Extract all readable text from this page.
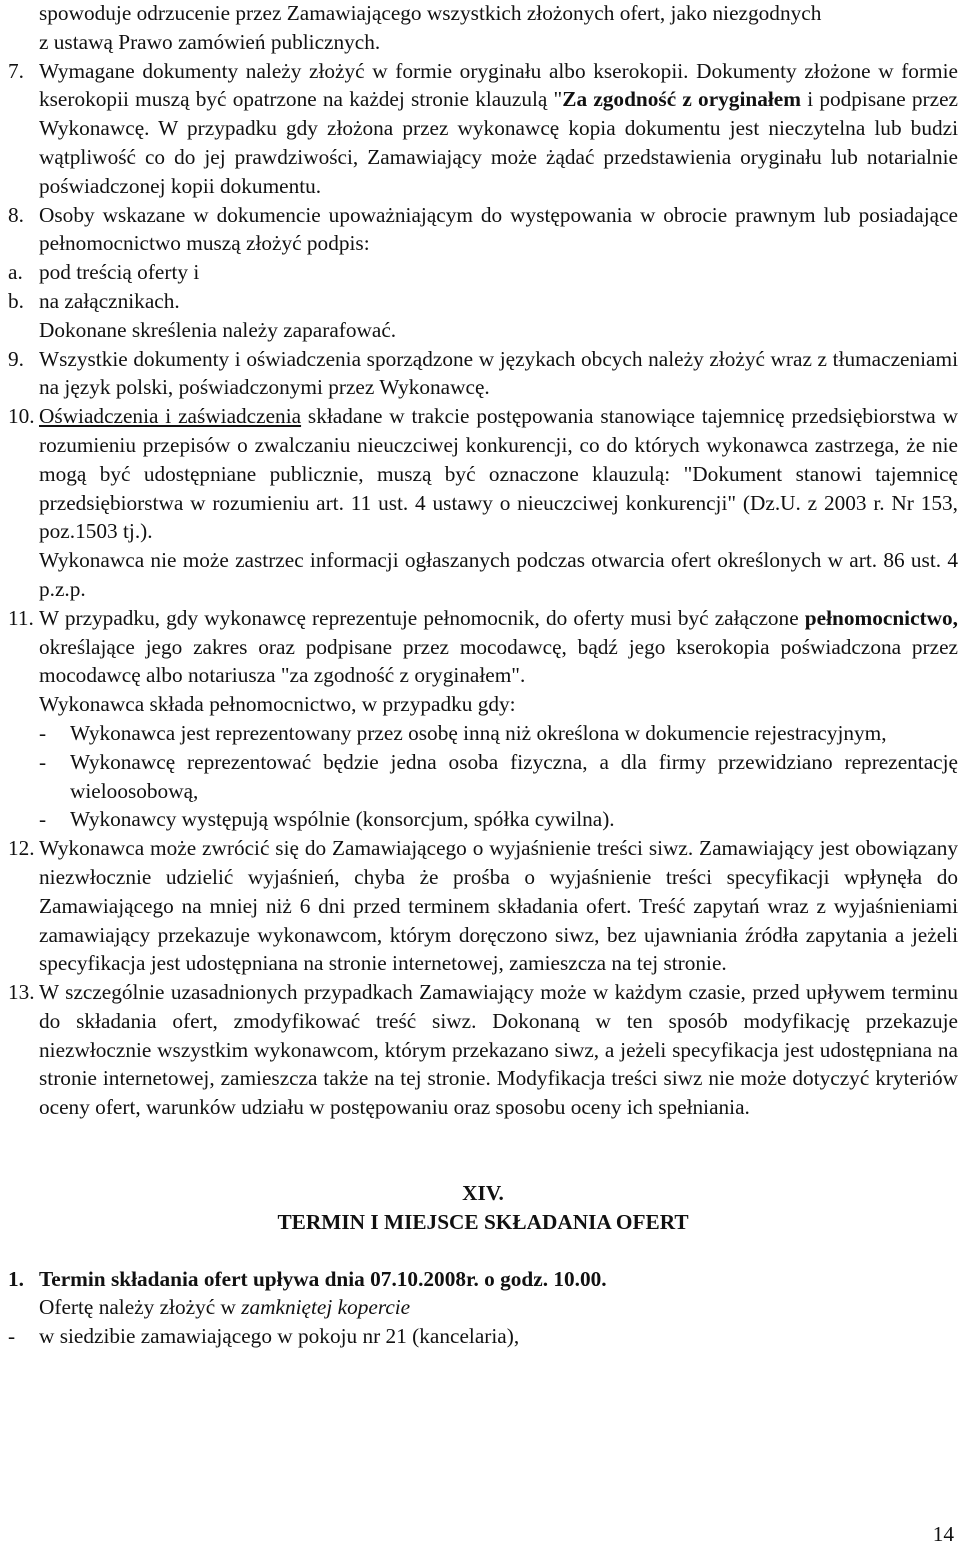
spowoduje odrzucenie przez Zamawiającego wszystkich złożonych ofert, jako niezgodnych
z ustawą Prawo zamówień publicznych.
7. Wymagane dokumenty należy złożyć w formie oryginału albo kserokopii. Dokumenty złożone w formie kserokopii muszą być opatrzone na każdej stronie klauzulą "Za zgodność z oryginałem i podpisane przez Wykonawcę. W przypadku gdy złożona przez wykonawcę kopia dokumentu jest nieczytelna lub budzi wątpliwość co do jej prawdziwości, Zamawiający może żądać przedstawienia oryginału lub notarialnie poświadczonej kopii dokumentu.
8. Osoby wskazane w dokumencie upoważniającym do występowania w obrocie prawnym lub posiadające pełnomocnictwo muszą złożyć podpis:
a. pod treścią oferty i
b. na załącznikach.
Dokonane skreślenia należy zaparafować.
9. Wszystkie dokumenty i oświadczenia sporządzone w językach obcych należy złożyć wraz z tłumaczeniami na język polski, poświadczonymi przez Wykonawcę.
10. Oświadczenia i zaświadczenia składane w trakcie postępowania stanowiące tajemnicę przedsiębiorstwa w rozumieniu przepisów o zwalczaniu nieuczciwej konkurencji, co do których wykonawca zastrzega, że nie mogą być udostępniane publicznie, muszą być oznaczone klauzulą: "Dokument stanowi tajemnicę przedsiębiorstwa w rozumieniu art. 11 ust. 4 ustawy o nieuczciwej konkurencji" (Dz.U. z 2003 r. Nr 153, poz.1503 tj.).
Wykonawca nie może zastrzec informacji ogłaszanych podczas otwarcia ofert określonych w art. 86 ust. 4 p.z.p.
11. W przypadku, gdy wykonawcę reprezentuje pełnomocnik, do oferty musi być załączone pełnomocnictwo, określające jego zakres oraz podpisane przez mocodawcę, bądź jego kserokopia poświadczona przez mocodawcę albo notariusza "za zgodność z oryginałem".
Wykonawca składa pełnomocnictwo, w przypadku gdy:
- Wykonawca jest reprezentowany przez osobę inną niż określona w dokumencie rejestracyjnym,
- Wykonawcę reprezentować będzie jedna osoba fizyczna, a dla firmy przewidziano reprezentację wieloosobową,
- Wykonawcy występują wspólnie (konsorcjum, spółka cywilna).
12. Wykonawca może zwrócić się do Zamawiającego o wyjaśnienie treści siwz. Zamawiający jest obowiązany niezwłocznie udzielić wyjaśnień, chyba że prośba o wyjaśnienie treści specyfikacji wpłynęła do Zamawiającego na mniej niż 6 dni przed terminem składania ofert. Treść zapytań wraz z wyjaśnieniami zamawiający przekazuje wykonawcom, którym doręczono siwz, bez ujawniania źródła zapytania a jeżeli specyfikacja jest udostępniana na stronie internetowej, zamieszcza na tej stronie.
13. W szczególnie uzasadnionych przypadkach Zamawiający może w każdym czasie, przed upływem terminu do składania ofert, zmodyfikować treść siwz. Dokonaną w ten sposób modyfikację przekazuje niezwłocznie wszystkim wykonawcom, którym przekazano siwz, a jeżeli specyfikacja jest udostępniana na stronie internetowej, zamieszcza także na tej stronie. Modyfikacja treści siwz nie może dotyczyć kryteriów oceny ofert, warunków udziału w postępowaniu oraz sposobu oceny ich spełniania.
XIV.
TERMIN I MIEJSCE SKŁADANIA OFERT
1. Termin składania ofert upływa dnia 07.10.2008r. o godz. 10.00.
Ofertę należy złożyć w zamkniętej kopercie
- w siedzibie zamawiającego w pokoju nr 21 (kancelaria),
14
